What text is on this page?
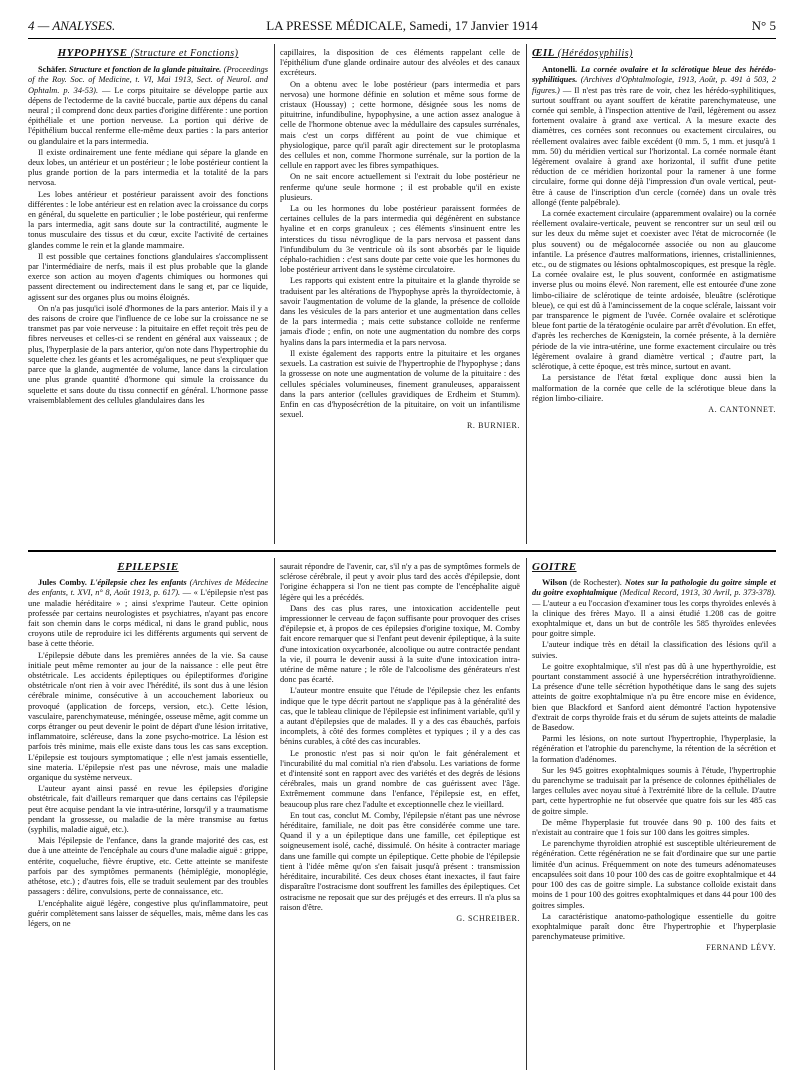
LA PRESSE MÉDICALE, Samedi, 17 Janvier 1914
4 — ANALYSES.	N° 5
HYPOPHYSE (Structure et Fonctions)

Schäfer. Structure et fonction de la glande pituitaire. (Proceedings of the Roy. Soc. of Medicine, t. VI, Mai 1913, Sect. of Neurol. and Ophtalm. p. 34-53). — Le corps pituitaire se développe partie aux dépens de l'ectoderme de la cavité buccale, partie aux dépens du canal neural ; il comprend donc deux parties d'origine différente : une portion épithéliale et une portion nerveuse. La portion qui dérive de l'épithélium buccal renferme elle-même deux parties : la pars anterior ou glandulaire et la pars intermedia.

Il existe ordinairement une fente médiane qui sépare la glande en deux lobes, un antérieur et un postérieur ; le lobe postérieur contient la plus grande portion de la pars intermedia et la totalité de la pars nervosa.

Les lobes antérieur et postérieur paraissent avoir des fonctions différentes : le lobe antérieur est en relation avec la croissance du corps en général, du squelette en particulier ; le lobe postérieur, qui renferme la pars intermedia, agit sans doute sur la contractilité, augmente le tonus musculaire des tissus et du cœur, excite l'activité de certaines glandes comme le rein et la glande mammaire.

Il est possible que certaines fonctions glandulaires s'accomplissent par l'intermédiaire de nerfs, mais il est plus probable que la glande exerce son action au moyen d'agents chimiques ou hormones qui passent directement ou indirectement dans le sang et, par ce liquide, agissent sur des organes plus ou moins éloignés.

On n'a pas jusqu'ici isolé d'hormones de la pars anterior. Mais il y a des raisons de croire que l'influence de ce lobe sur la croissance ne se transmet pas par voie nerveuse : la pituitaire en effet reçoit très peu de fibres nerveuses et celles-ci se rendent en général aux vaisseaux ; de plus, l'hyperplasie de la pars anterior, qu'on note dans l'hypertrophie du squelette chez les géants et les acromégaliques, ne peut s'expliquer que parce que la glande, augmentée de volume, lance dans la circulation une plus grande quantité d'hormone qui simule la croissance du squelette et sans doute du tissu connectif en général. L'hormone passe vraisemblablement des cellules glandulaires dans les

capillaires, la disposition de ces éléments rappelant celle de l'épithélium d'une glande ordinaire autour des alvéoles et des canaux excréteurs.

On a obtenu avec le lobe postérieur (pars intermedia et pars nervosa) une hormone définie en solution et même sous forme de cristaux (Houssay) ; cette hormone, désignée sous les noms de pituitrine, infundibuline, hypophysine, a une action assez analogue à celle de l'hormone obtenue avec la médullaire des capsules surrénales, mais c'est un corps différent au point de vue chimique et physiologique, parce qu'il paraît agir directement sur le protoplasma des cellules et non, comme l'hormone surrénale, sur la portion de la cellule en rapport avec les fibres sympathiques.

On ne sait encore actuellement si l'extrait du lobe postérieur ne renferme qu'une seule hormone ; il est probable qu'il en existe plusieurs.

La ou les hormones du lobe postérieur paraissent formées de certaines cellules de la pars intermedia qui dégénèrent en substance hyaline et en corps granuleux ; ces éléments s'insinuent entre les interstices du tissu névroglique de la pars nervosa et passent dans l'infundibulum du 3e ventricule où ils sont absorbés par le liquide céphalo-rachidien : c'est sans doute par cette voie que les hormones du lobe postérieur arrivent dans le système circulatoire.

Les rapports qui existent entre la pituitaire et la glande thyroïde se traduisent par les altérations de l'hypophyse après la thyroïdectomie, à savoir l'augmentation de volume de la glande, la présence de colloïde dans les vésicules de la pars anterior et une augmentation dans celles de la pars intermedia ; mais cette substance colloïde ne renferme jamais d'iode ; enfin, on note une augmentation du nombre des corps hyalins dans la pars intermedia et la pars nervosa.

Il existe également des rapports entre la pituitaire et les organes sexuels. La castration est suivie de l'hypertrophie de l'hypophyse ; dans la grossesse on note une augmentation de volume de la pituitaire : des cellules spéciales volumineuses, finement granuleuses, apparaissent dans la pars anterior (cellules gravidiques de Erdheim et Stumm). Enfin en cas d'hyposécrétion de la pituitaire, on voit un infantilisme sexuel.

R. BURNIER.

ŒIL (Hérédosyphilis)

Antonelli. La cornée ovalaire et la sclérotique bleue des hérédo-syphilitiques. (Archives d'Ophtalmologie, 1913, Août, p. 491 à 503, 2 figures.) — Il n'est pas très rare de voir, chez les hérédo-syphilitiques, surtout souffrant ou ayant souffert de kératite parenchymateuse, une cornée qui semble, à l'inspection attentive de l'œil, légèrement ou assez fortement ovalaire à grand axe vertical. A la mesure exacte des diamètres, ces cornées sont reconnues ou exactement circulaires, ou réellement ovalaires avec faible excédent (0 mm. 5, 1 mm. et jusqu'à 1 mm. 50) du méridien vertical sur l'horizontal. La cornée normale étant légèrement ovalaire à grand axe horizontal, il suffit d'une petite réduction de ce méridien horizontal pour la ramener à une forme circulaire, forme qui donne déjà l'impression d'un ovale vertical, peut-être à cause de l'inscription d'un cercle (cornée) dans un ovale très allongé (fente palpébrale).

La cornée exactement circulaire (apparemment ovalaire) ou la cornée réellement ovalaire-verticale, peuvent se rencontrer sur un seul œil ou sur les deux du même sujet et coexister avec l'état de microcornée (le plus souvent) ou de mégalocornée associée ou non au glaucome infantile. La présence d'autres malformations, iriennes, cristalliniennes, etc., ou de stigmates ou lésions ophtalmoscopiques, est presque la règle. La cornée ovalaire est, le plus souvent, conformée en astigmatisme inverse plus ou moins élevé. Non rarement, elle est entourée d'une zone limbo-ciliaire de sclérotique de teinte ardoisée, bleuâtre (sclérotique bleue), ce qui est dû à l'amincissement de la coque sclérale, laissant voir par transparence le pigment de l'uvée. Cornée ovalaire et sclérotique bleue font partie de la tératogénie oculaire par arrêt d'évolution. En effet, d'après les recherches de Kœnigstein, la cornée présente, à la dernière période de la vie intra-utérine, une forme exactement circulaire ou très légèrement ovalaire à grand diamètre vertical ; d'autre part, la sclérotique, à cette époque, est très mince, surtout en avant.

La persistance de l'état fœtal explique donc aussi bien la malformation de la cornée que celle de la sclérotique bleue dans la région limbo-ciliaire.

A. CANTONNET.

ÉPILEPSIE

Jules Comby. L'épilepsie chez les enfants (Archives de Médecine des enfants, t. XVI, n° 8, Août 1913, p. 617). — « L'épilepsie n'est pas une maladie héréditaire » ; ainsi s'exprime l'auteur. Cette opinion professée par certains neurologistes et psychiatres, n'ayant pas encore fait son chemin dans le corps médical, ni dans le grand public, nous croyons utile de reproduire ici les différents arguments qui servent de base à cette théorie.

L'épilepsie débute dans les premières années de la vie. Sa cause initiale peut même remonter au jour de la naissance : elle peut être obstétricale. Les accidents épileptiques ou épileptiformes d'origine obstétricale n'ont rien à voir avec l'hérédité, ils sont dus à une lésion cérébrale minime, consécutive à un accouchement laborieux ou provoqué (application de forceps, version, etc.). Cette lésion, vasculaire, parenchymateuse, méningée, osseuse même, agit comme un corps étranger ou peut devenir le point de départ d'une lésion irritative, inflammatoire, scléreuse, dans la zone psycho-motrice. La lésion est parfois très minime, mais elle existe dans tous les cas sans exception. L'épilepsie est toujours symptomatique ; elle n'est jamais essentielle, sine materia. L'épilepsie n'est pas une névrose, mais une maladie organique du système nerveux.

L'auteur ayant ainsi passé en revue les épilepsies d'origine obstétricale, fait d'ailleurs remarquer que dans certains cas l'épilepsie peut être acquise pendant la vie intra-utérine, lorsqu'il y a traumatisme pendant la grossesse, ou maladie de la mère transmise au fœtus (syphilis, maladie aiguë, etc.).

Mais l'épilepsie de l'enfance, dans la grande majorité des cas, est due à une atteinte de l'encéphale au cours d'une maladie aiguë : grippe, entérite, coqueluche, fièvre éruptive, etc. Cette atteinte se manifeste parfois par des symptômes permanents (hémiplégie, monoplégie, athétose, etc.) ; d'autres fois, elle se traduit seulement par des troubles passagers : délire, convulsions, perte de connaissance, etc.

L'encéphalite aiguë légère, congestive plus qu'inflammatoire, peut guérir complètement sans laisser de séquelles, mais, même dans les cas légers, on ne

saurait répondre de l'avenir, car, s'il n'y a pas de symptômes formels de sclérose cérébrale, il peut y avoir plus tard des accès d'épilepsie, dont l'origine échappera si l'on ne tient pas compte de l'encéphalite aiguë légère qui les a précédés.

Dans des cas plus rares, une intoxication accidentelle peut impressionner le cerveau de façon suffisante pour provoquer des crises d'épilepsie et, à propos de ces épilepsies d'origine toxique, M. Comby fait encore remarquer que si l'enfant peut devenir épileptique, à la suite d'une intoxication oxycarbonée, alcoolique ou autre contractée pendant la vie, il pourra le devenir aussi à la suite d'une intoxication intra-utérine de même nature ; le rôle de l'alcoolisme des générateurs n'est donc pas écarté.

L'auteur montre ensuite que l'étude de l'épilepsie chez les enfants indique que le type décrit partout ne s'applique pas à la généralité des cas, que le tableau clinique de l'épilepsie est infiniment variable, qu'il y a autant d'épilepsies que de malades. Il y a des cas ébauchés, parfois incomplets, à côté des formes complètes et typiques ; il y a des cas bénins curables, à côté des cas incurables.

Le pronostic n'est pas si noir qu'on le fait généralement et l'incurabilité du mal comitial n'a rien d'absolu. Les variations de forme et d'intensité sont en rapport avec des variétés et des degrés de lésions cérébrales, mais un grand nombre de cas guérissent avec l'âge. Extrêmement commune dans l'enfance, l'épilepsie est, en effet, beaucoup plus rare chez l'adulte et exceptionnelle chez le vieillard.

En tout cas, conclut M. Comby, l'épilepsie n'étant pas une névrose héréditaire, familiale, ne doit pas être considérée comme une tare. Quand il y a un épileptique dans une famille, cet épileptique est soigneusement isolé, caché, dissimulé. On hésite à contracter mariage dans une famille qui compte un épileptique. Cette phobie de l'épilepsie tient à l'idée même qu'on s'en faisait jusqu'à présent : transmission héréditaire, incurabilité. Ces deux choses étant inexactes, il faut faire disparaître l'ostracisme dont souffrent les familles des épileptiques. Cet ostracisme ne reposait que sur des préjugés et des erreurs. Il n'a plus sa raison d'être.

G. SCHREIBER.

GOITRE

Wilson (de Rochester). Notes sur la pathologie du goitre simple et du goitre exophtalmique (Medical Record, 1913, 30 Avril, p. 373-378). — L'auteur a eu l'occasion d'examiner tous les corps thyroïdes enlevés à la clinique des frères Mayo. Il a ainsi étudié 1.208 cas de goitre exophtalmique et, dans un but de contrôle les 585 thyroïdes enlevées pour goitre simple.

L'auteur indique très en détail la classification des lésions qu'il a suivies.

Le goitre exophtalmique, s'il n'est pas dû à une hyperthyroïdie, est pourtant constamment associé à une hypersécrétion intrathyroïdienne. La présence d'une telle sécrétion hypothétique dans le sang des sujets atteints de goitre exophtalmique n'a pu être encore mise en évidence, bien que Blackford et Sanford aient démontré l'action hypotensive d'extrait de corps thyroïde frais et du sérum de sujets atteints de maladie de Basedow.

Parmi les lésions, on note surtout l'hypertrophie, l'hyperplasie, la régénération et l'atrophie du parenchyme, la rétention de la sécrétion et la formation d'adénomes.

Sur les 945 goitres exophtalmiques soumis à l'étude, l'hypertrophie du parenchyme se traduisait par la présence de colonnes épithéliales de larges cellules avec noyau situé à l'extrémité libre de la cellule. D'autre part, cette hypertrophie ne fut observée que quatre fois sur les 485 cas de goitre simple.

De même l'hyperplasie fut trouvée dans 90 p. 100 des faits et n'existait au contraire que 1 fois sur 100 dans les goitres simples.

Le parenchyme thyroïdien atrophié est susceptible ultérieurement de régénération. Cette régénération ne se fait d'ordinaire que sur une partie limitée d'un acinus. Fréquemment on note des tumeurs adénomateuses encapsulées soit dans 10 pour 100 des cas de goitre exophtalmique et 44 pour 100 des cas de goitre simple. La substance colloïde existait dans moins de 1 pour 100 des goitres exophtalmiques et dans 44 pour 100 des goitres simples.

La caractéristique anatomo-pathologique essentielle du goitre exophtalmique paraît donc être l'hypertrophie et l'hyperplasie parenchymateuse primitive.

FERNAND LÉVY.
